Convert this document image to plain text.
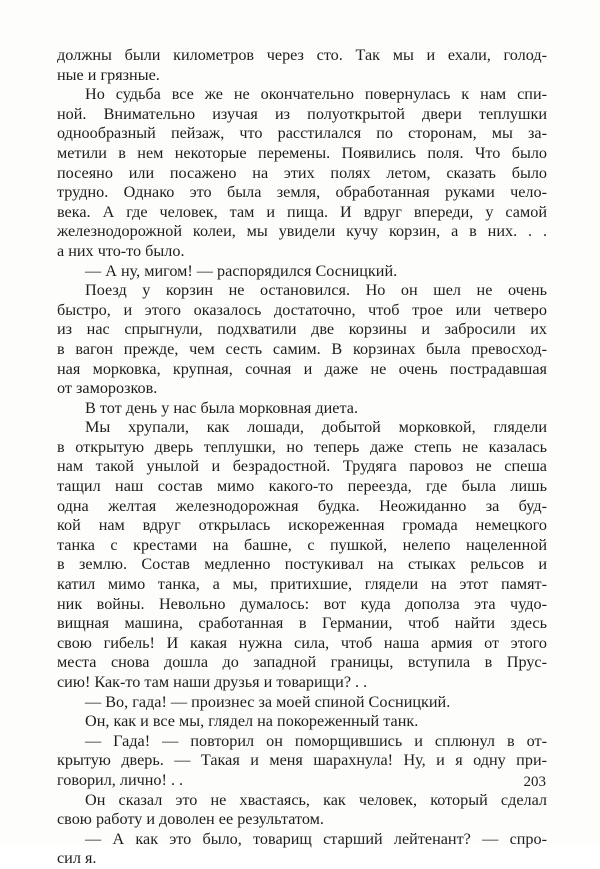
должны были километров через сто. Так мы и ехали, голод-
ные и грязные.
Но судьба все же не окончательно повернулась к нам спи-
ной. Внимательно изучая из полуоткрытой двери теплушки
однообразный пейзаж, что расстилался по сторонам, мы за-
метили в нем некоторые перемены. Появились поля. Что было
посеяно или посажено на этих полях летом, сказать было
трудно. Однако это была земля, обработанная руками чело-
века. А где человек, там и пища. И вдруг впереди, у самой
железнодорожной колеи, мы увидели кучу корзин, а в них. . .
а них что-то было.
— А ну, мигом! — распорядился Сосницкий.
Поезд у корзин не остановился. Но он шел не очень
быстро, и этого оказалось достаточно, чтоб трое или четверо
из нас спрыгнули, подхватили две корзины и забросили их
в вагон прежде, чем сесть самим. В корзинах была превосход-
ная морковка, крупная, сочная и даже не очень пострадавшая
от заморозков.
В тот день у нас была морковная диета.
Мы хрупали, как лошади, добытой морковкой, глядели
в открытую дверь теплушки, но теперь даже степь не казалась
нам такой унылой и безрадостной. Трудяга паровоз не спеша
тащил наш состав мимо какого-то переезда, где была лишь
одна желтая железнодорожная будка. Неожиданно за буд-
кой нам вдруг открылась искореженная громада немецкого
танка с крестами на башне, с пушкой, нелепо нацеленной
в землю. Состав медленно постукивал на стыках рельсов и
катил мимо танка, а мы, притихшие, глядели на этот памят-
ник войны. Невольно думалось: вот куда дополза эта чудо-
вищная машина, сработанная в Германии, чтоб найти здесь
свою гибель! И какая нужна сила, чтоб наша армия от этого
места снова дошла до западной границы, вступила в Прус-
сию! Как-то там наши друзья и товарищи? . .
— Во, гада! — произнес за моей спиной Сосницкий.
Он, как и все мы, глядел на покореженный танк.
— Гада! — повторил он поморщившись и сплюнул в от-
крытую дверь. — Такая и меня шарахнула! Ну, и я одну при-
говорил, лично! . .
Он сказал это не хвастаясь, как человек, который сделал
свою работу и доволен ее результатом.
— А как это было, товарищ старший лейтенант? — спро-
сил я.
203
